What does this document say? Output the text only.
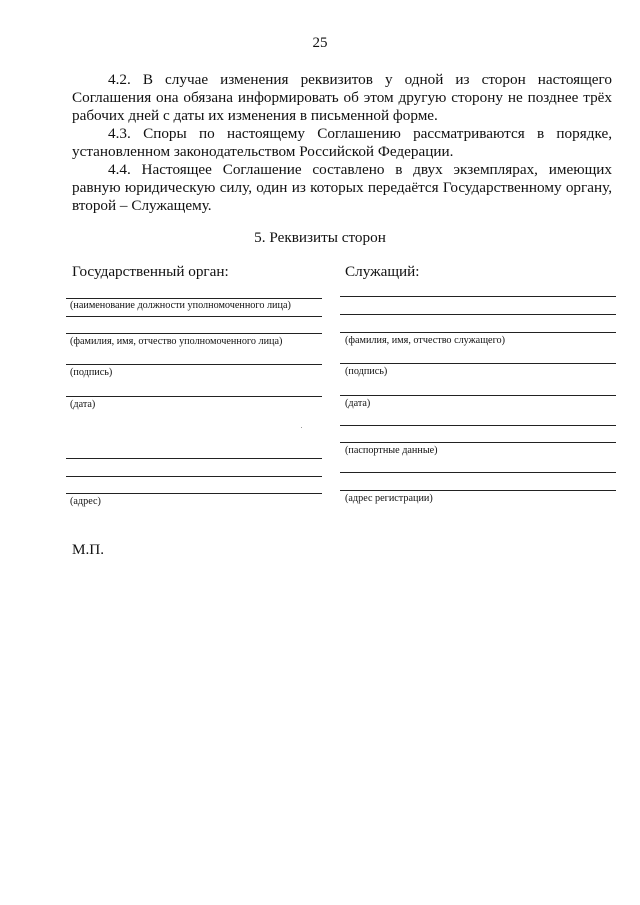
25

4.2. В случае изменения реквизитов у одной из сторон настоящего Соглашения она обязана информировать об этом другую сторону не позднее трёх рабочих дней с даты их изменения в письменной форме.

4.3. Споры по настоящему Соглашению рассматриваются в порядке, установленном законодательством Российской Федерации.

4.4. Настоящее Соглашение составлено в двух экземплярах, имеющих равную юридическую силу, один из которых передаётся Государственному органу, второй – Служащему.

5. Реквизиты сторон
Государственный орган:
(наименование должности уполномоченного лица)
(фамилия, имя, отчество уполномоченного лица)
(подпись)
(дата)
(адрес)
Служащий:
(фамилия, имя, отчество служащего)
(подпись)
(дата)
(паспортные данные)
(адрес регистрации)
М.П.
